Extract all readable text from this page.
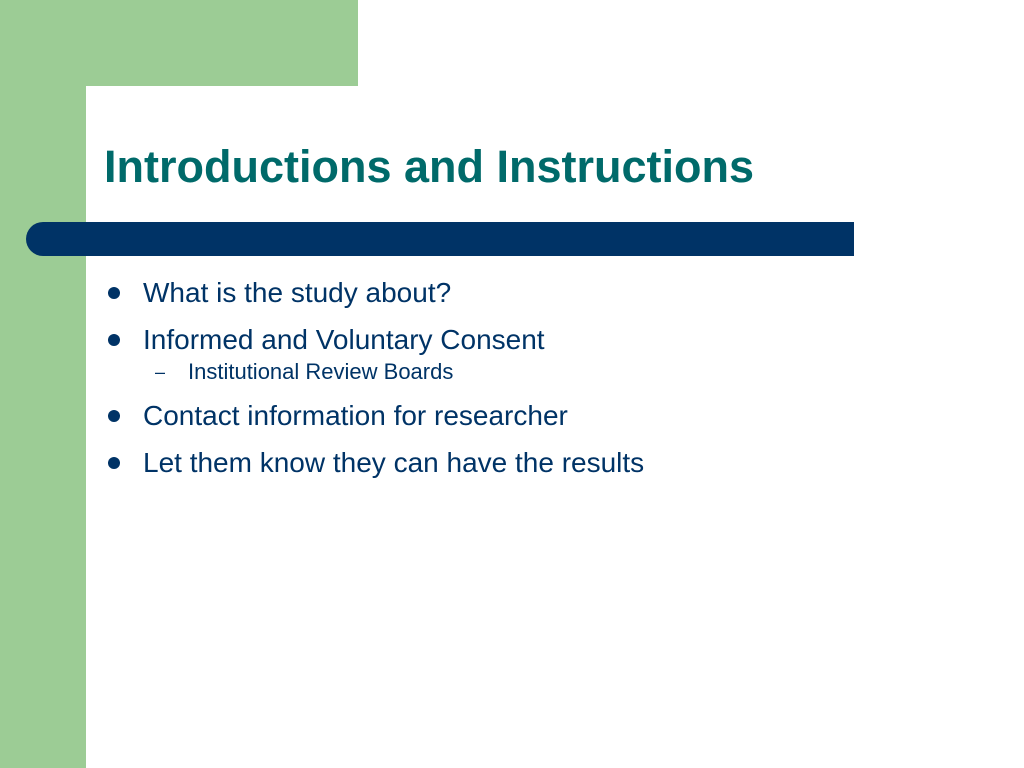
Introductions and Instructions
What is the study about?
Informed and Voluntary Consent
– Institutional Review Boards
Contact information for researcher
Let them know they can have the results
